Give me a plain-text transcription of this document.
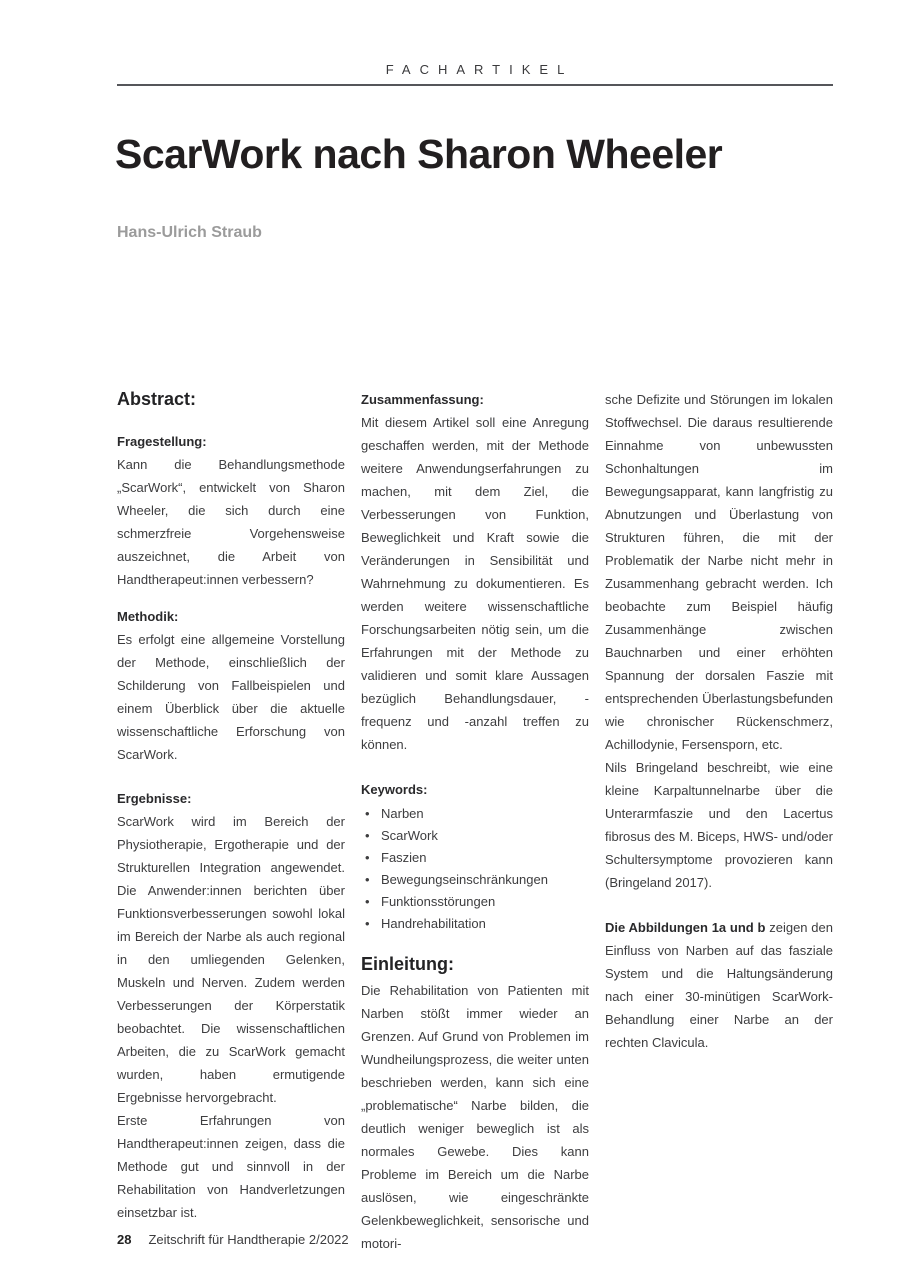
FACHARTIKEL
ScarWork nach Sharon Wheeler
Hans-Ulrich Straub
Abstract:

Fragestellung:

Kann die Behandlungsmethode „ScarWork“, entwickelt von Sharon Wheeler, die sich durch eine schmerzfreie Vorgehensweise auszeichnet, die Arbeit von Handtherapeut:innen verbessern?

Methodik:

Es erfolgt eine allgemeine Vorstellung der Methode, einschließlich der Schilderung von Fallbeispielen und einem Überblick über die aktuelle wissenschaftliche Erforschung von ScarWork.

Ergebnisse:

ScarWork wird im Bereich der Physiotherapie, Ergotherapie und der Strukturellen Integration angewendet. Die Anwender:innen berichten über Funktionsverbesserungen sowohl lokal im Bereich der Narbe als auch regional in den umliegenden Gelenken, Muskeln und Nerven. Zudem werden Verbesserungen der Körperstatik beobachtet. Die wissenschaftlichen Arbeiten, die zu ScarWork gemacht wurden, haben ermutigende Ergebnisse hervorgebracht.

Erste Erfahrungen von Handtherapeut:innen zeigen, dass die Methode gut und sinnvoll in der Rehabilitation von Handverletzungen einsetzbar ist.

Zusammenfassung:

Mit diesem Artikel soll eine Anregung geschaffen werden, mit der Methode weitere Anwendungserfahrungen zu machen, mit dem Ziel, die Verbesserungen von Funktion, Beweglichkeit und Kraft sowie die Veränderungen in Sensibilität und Wahrnehmung zu dokumentieren. Es werden weitere wissenschaftliche Forschungsarbeiten nötig sein, um die Erfahrungen mit der Methode zu validieren und somit klare Aussagen bezüglich Behandlungsdauer, -frequenz und -anzahl treffen zu können.

Keywords:

• Narben
• ScarWork
• Faszien
• Bewegungseinschränkungen
• Funktionsstörungen
• Handrehabilitation
Einleitung:

Die Rehabilitation von Patienten mit Narben stößt immer wieder an Grenzen. Auf Grund von Problemen im Wundheilungsprozess, die weiter unten beschrieben werden, kann sich eine „problematische“ Narbe bilden, die deutlich weniger beweglich ist als normales Gewebe. Dies kann Probleme im Bereich um die Narbe auslösen, wie eingeschränkte Gelenkbeweglichkeit, sensorische und motori-

sche Defizite und Störungen im lokalen Stoffwechsel. Die daraus resultierende Einnahme von unbewussten Schonhaltungen im Bewegungsapparat, kann langfristig zu Abnutzungen und Überlastung von Strukturen führen, die mit der Problematik der Narbe nicht mehr in Zusammenhang gebracht werden. Ich beobachte zum Beispiel häufig Zusammenhänge zwischen Bauchnarben und einer erhöhten Spannung der dorsalen Faszie mit entsprechenden Überlastungsbefunden wie chronischer Rückenschmerz, Achillodynie, Fersensporn, etc.

Nils Bringeland beschreibt, wie eine kleine Karpaltunnelnarbe über die Unterarmfaszie und den Lacertus fibrosus des M. Biceps, HWS- und/oder Schultersymptome provozieren kann (Bringeland 2017).

Die Abbildungen 1a und b zeigen den Einfluss von Narben auf das fasziale System und die Haltungsänderung nach einer 30-minütigen ScarWork-Behandlung einer Narbe an der rechten Clavicula.

28 Zeitschrift für Handtherapie 2/2022
